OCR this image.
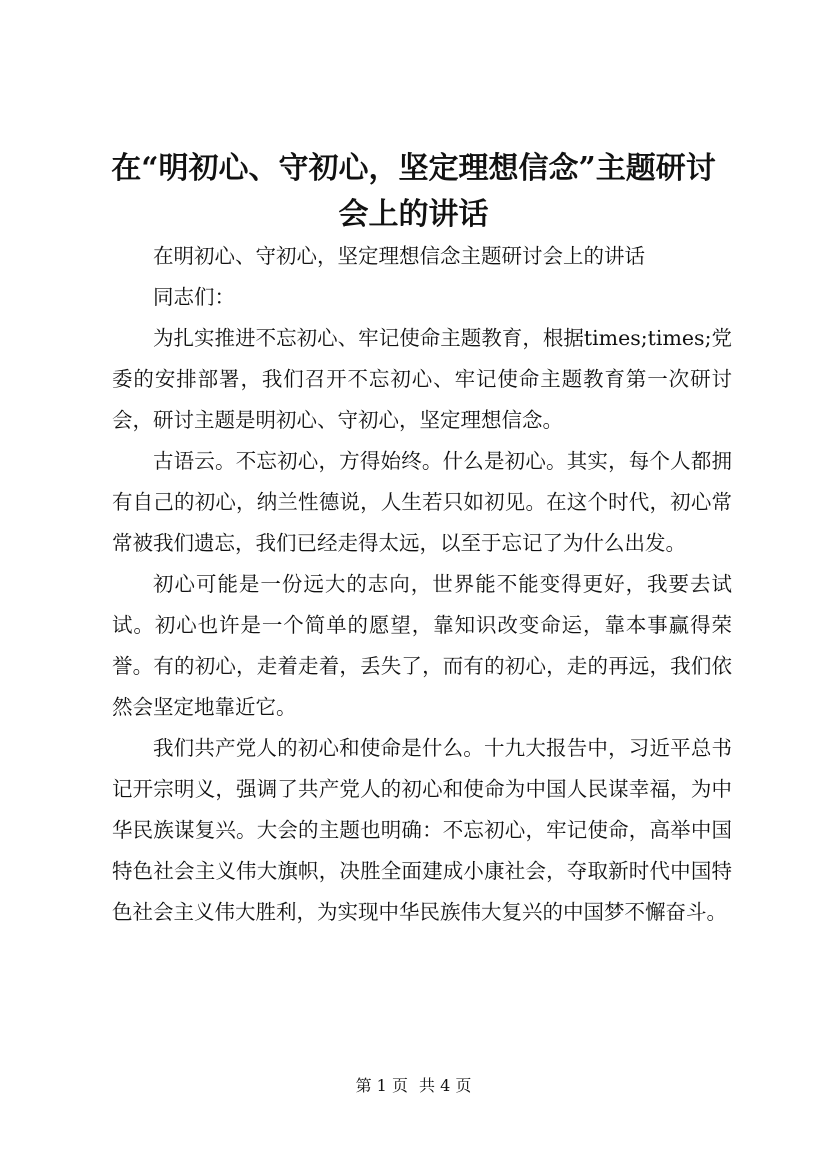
在“明初心、守初心，坚定理想信念”主题研讨会上的讲话

在明初心、守初心，坚定理想信念主题研讨会上的讲话

同志们：

为扎实推进不忘初心、牢记使命主题教育，根据times;times;党委的安排部署，我们召开不忘初心、牢记使命主题教育第一次研讨会，研讨主题是明初心、守初心，坚定理想信念。

古语云。不忘初心，方得始终。什么是初心。其实，每个人都拥有自己的初心，纳兰性德说，人生若只如初见。在这个时代，初心常常被我们遗忘，我们已经走得太远，以至于忘记了为什么出发。

初心可能是一份远大的志向，世界能不能变得更好，我要去试试。初心也许是一个简单的愿望，靠知识改变命运，靠本事赢得荣誉。有的初心，走着走着，丢失了，而有的初心，走的再远，我们依然会坚定地靠近它。

我们共产党人的初心和使命是什么。十九大报告中，习近平总书记开宗明义，强调了共产党人的初心和使命为中国人民谋幸福，为中华民族谋复兴。大会的主题也明确：不忘初心，牢记使命，高举中国特色社会主义伟大旗帜，决胜全面建成小康社会，夺取新时代中国特色社会主义伟大胜利，为实现中华民族伟大复兴的中国梦不懈奋斗。

第 1 页 共 4 页
